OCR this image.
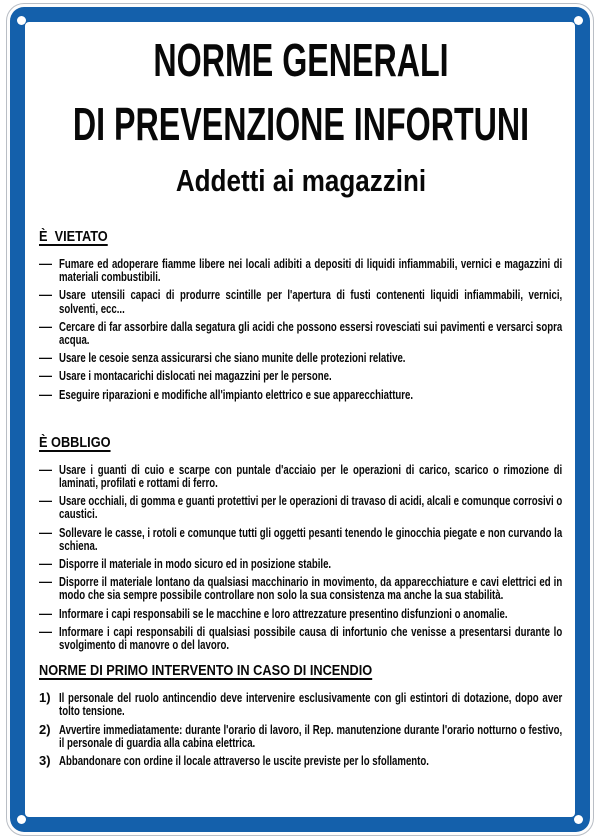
NORME GENERALI
DI PREVENZIONE INFORTUNI
Addetti ai magazzini
È  VIETATO
— Fumare ed adoperare fiamme libere nei locali adibiti a depositi di liquidi infiammabili, vernici e magazzini di materiali combustibili.
— Usare utensili capaci di produrre scintille per l'apertura di fusti contenenti liquidi infiammabili, vernici, solventi, ecc...
— Cercare di far assorbire dalla segatura gli acidi che possono essersi rovesciati sui pavimenti e versarci sopra acqua.
— Usare le cesoie senza assicurarsi che siano munite delle protezioni relative.
— Usare i montacarichi dislocati nei magazzini per le persone.
— Eseguire riparazioni e modifiche all'impianto elettrico e sue apparecchiatture.
È OBBLIGO
— Usare i guanti di cuio e scarpe con puntale d'acciaio per le operazioni di carico, scarico o rimozione di laminati, profilati e rottami di ferro.
— Usare occhiali, di gomma e guanti protettivi per le operazioni di travaso di acidi, alcali e comunque corrosivi o caustici.
— Sollevare le casse, i rotoli e comunque tutti gli oggetti pesanti tenendo le ginocchia piegate e non curvando la schiena.
— Disporre il materiale in modo sicuro ed in posizione stabile.
— Disporre il materiale lontano da qualsiasi macchinario in movimento, da apparecchiature e cavi elettrici ed in modo che sia sempre possibile controllare non solo la sua consistenza ma anche la sua stabilità.
— Informare i capi responsabili se le macchine e loro attrezzature presentino disfunzioni o anomalie.
— Informare i capi responsabili di qualsiasi possibile causa di infortunio che venisse a presentarsi durante lo svolgimento di manovre o del lavoro.
NORME DI PRIMO INTERVENTO IN CASO DI INCENDIO
1) Il personale del ruolo antincendio deve intervenire esclusivamente con gli estintori di dotazione, dopo aver tolto tensione.
2) Avvertire immediatamente: durante l'orario di lavoro, il Rep. manutenzione durante l'orario notturno o festivo, il personale di guardia alla cabina elettrica.
3) Abbandonare con ordine il locale attraverso le uscite previste per lo sfollamento.
